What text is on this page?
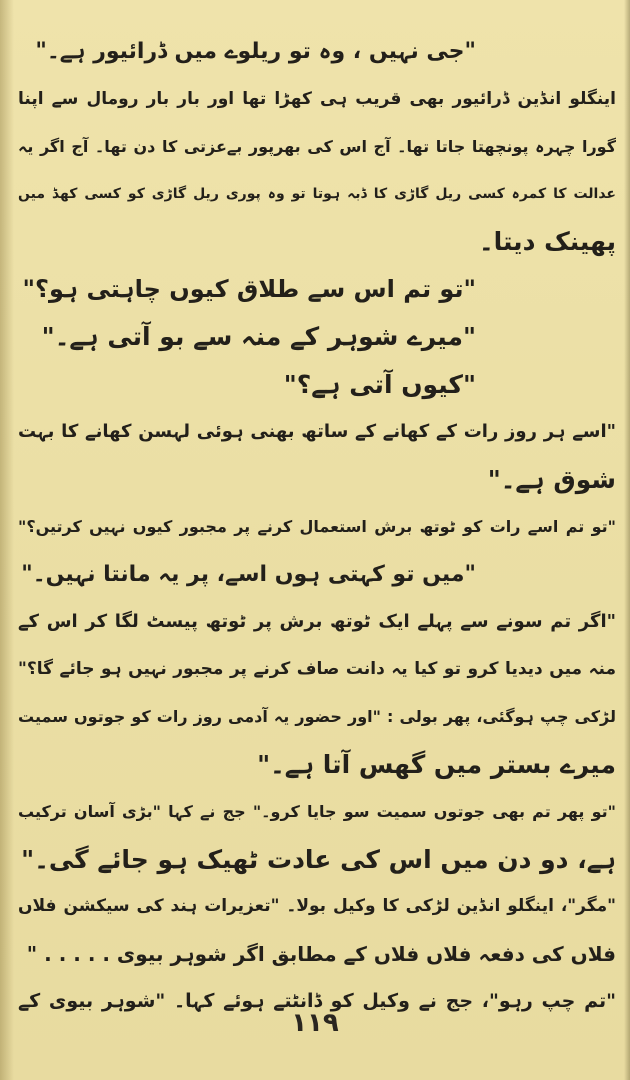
"جی نہیں ، وہ تو ریلوے میں ڈرائیور ہے۔"
اینگلو انڈین ڈرائیور بھی قریب ہی کھڑا تھا اور بار بار رومال سے اپنا
گورا چہرہ پونچھتا جاتا تھا۔ آج اس کی بھرپور بےعزتی کا دن تھا۔ آج اگر یہ
عدالت کا کمرہ کسی ریل گاڑی کا ڈبہ ہوتا تو وہ پوری ریل گاڑی کو کسی کھڈ میں
پھینک دیتا۔
"تو تم اس سے طلاق کیوں چاہتی ہو؟"
"میرے شوہر کے منہ سے بو آتی ہے۔"
"کیوں آتی ہے؟"
"اسے ہر روز رات کے کھانے کے ساتھ بھنی ہوئی لہسن کھانے کا بہت
شوق ہے۔"
"تو تم اسے رات کو ٹوتھ برش استعمال کرنے پر مجبور کیوں نہیں کرتیں؟"
"میں تو کہتی ہوں اسے، پر یہ مانتا نہیں۔"
"اگر تم سونے سے پہلے ایک ٹوتھ برش پر ٹوتھ پیسٹ لگا کر اس کے
منہ میں دیدیا کرو تو کیا یہ دانت صاف کرنے پر مجبور نہیں ہو جائے گا؟"
لڑکی چپ ہوگئی، پھر بولی : "اور حضور یہ آدمی روز رات کو جوتوں سمیت
میرے بستر میں گھس آتا ہے۔"
"تو پھر تم بھی جوتوں سمیت سو جایا کرو۔" جج نے کہا "بڑی آسان ترکیب
ہے، دو دن میں اس کی عادت ٹھیک ہو جائے گی۔"
"مگر"، اینگلو انڈین لڑکی کا وکیل بولا۔ "تعزیرات ہند کی سیکشن فلاں
فلاں کی دفعہ فلاں فلاں کے مطابق اگر شوہر بیوی . . . . . "
"تم چپ رہو"، جج نے وکیل کو ڈانٹتے ہوئے کہا۔ "شوہر بیوی کے
۱۱۹
